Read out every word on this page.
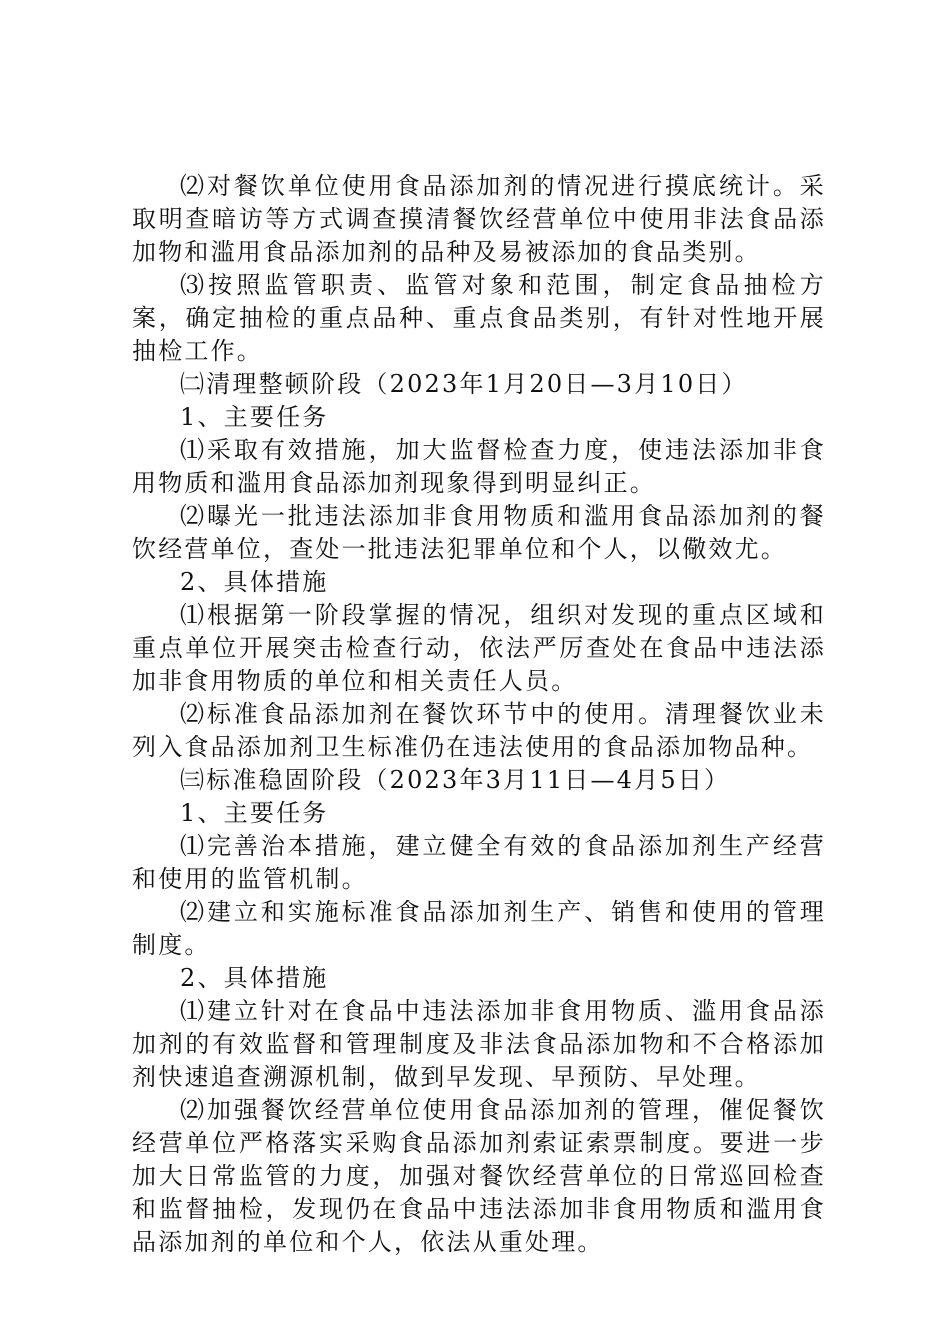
⑵对餐饮单位使用食品添加剂的情况进行摸底统计。采取明查暗访等方式调查摸清餐饮经营单位中使用非法食品添加物和滥用食品添加剂的品种及易被添加的食品类别。

⑶按照监管职责、监管对象和范围，制定食品抽检方案，确定抽检的重点品种、重点食品类别，有针对性地开展抽检工作。

㈡清理整顿阶段（2023年1月20日—3月10日）

1、主要任务

⑴采取有效措施，加大监督检查力度，使违法添加非食用物质和滥用食品添加剂现象得到明显纠正。

⑵曝光一批违法添加非食用物质和滥用食品添加剂的餐饮经营单位，查处一批违法犯罪单位和个人，以儆效尤。

2、具体措施

⑴根据第一阶段掌握的情况，组织对发现的重点区域和重点单位开展突击检查行动，依法严厉查处在食品中违法添加非食用物质的单位和相关责任人员。

⑵标准食品添加剂在餐饮环节中的使用。清理餐饮业未列入食品添加剂卫生标准仍在违法使用的食品添加物品种。

㈢标准稳固阶段（2023年3月11日—4月5日）

1、主要任务

⑴完善治本措施，建立健全有效的食品添加剂生产经营和使用的监管机制。

⑵建立和实施标准食品添加剂生产、销售和使用的管理制度。

2、具体措施

⑴建立针对在食品中违法添加非食用物质、滥用食品添加剂的有效监督和管理制度及非法食品添加物和不合格添加剂快速追查溯源机制，做到早发现、早预防、早处理。

⑵加强餐饮经营单位使用食品添加剂的管理，催促餐饮经营单位严格落实采购食品添加剂索证索票制度。要进一步加大日常监管的力度，加强对餐饮经营单位的日常巡回检查和监督抽检，发现仍在食品中违法添加非食用物质和滥用食品添加剂的单位和个人，依法从重处理。
